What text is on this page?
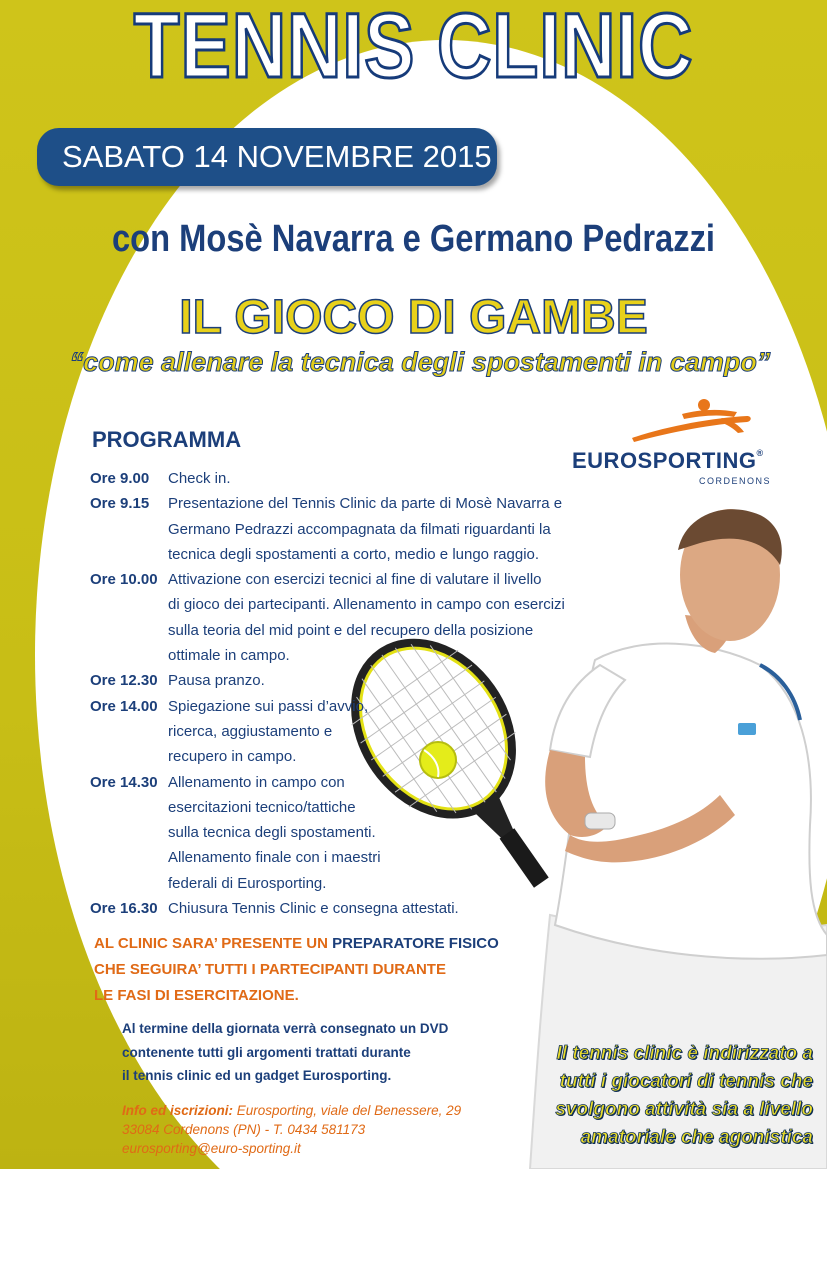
TENNIS CLINIC
SABATO 14 NOVEMBRE 2015
con Mosè Navarra e Germano Pedrazzi
IL GIOCO DI GAMBE
“come allenare la tecnica degli spostamenti in campo”
EUROSPORTING®
CORDENONS
PROGRAMMA
Ore 9.00	Check in.
Ore 9.15	Presentazione del Tennis Clinic da parte di Mosè Navarra e
Germano Pedrazzi accompagnata da filmati riguardanti la
tecnica degli spostamenti a corto, medio e lungo raggio.
Ore 10.00 Attivazione con esercizi tecnici al fine di valutare il livello
di gioco dei partecipanti. Allenamento in campo con esercizi
sulla teoria del mid point e del recupero della posizione
ottimale in campo.
Ore 12.30 Pausa pranzo.
Ore 14.00 Spiegazione sui passi d’avvio,
ricerca, aggiustamento e
recupero in campo.
Ore 14.30 Allenamento in campo con
esercitazioni tecnico/tattiche
sulla tecnica degli spostamenti.
Allenamento finale con i maestri
federali di Eurosporting.
Ore 16.30 Chiusura Tennis Clinic e consegna attestati.
AL CLINIC SARA’ PRESENTE UN PREPARATORE FISICO
CHE SEGUIRA’ TUTTI I PARTECIPANTI DURANTE
LE FASI DI ESERCITAZIONE.
Al termine della giornata verrà consegnato un DVD
contenente tutti gli argomenti trattati durante
il tennis clinic ed un gadget Eurosporting.
Info ed iscrizioni: Eurosporting, viale del Benessere, 29
33084 Cordenons (PN) - T. 0434 581173
eurosporting@euro-sporting.it
Il tennis clinic è indirizzato a
tutti i giocatori di tennis che
svolgono attività sia a livello
amatoriale che agonistica
